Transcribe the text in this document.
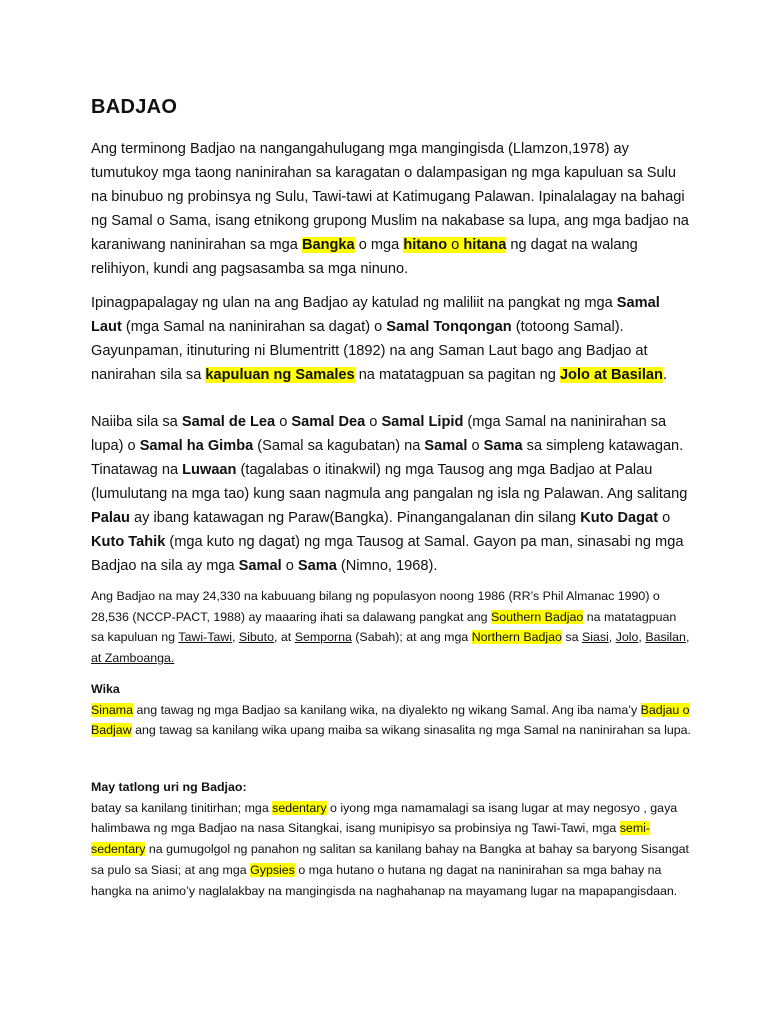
BADJAO

Ang terminong Badjao na nangangahulugang mga mangingisda (Llamzon,1978) ay tumutukoy mga taong naninirahan sa karagatan o dalampasigan ng mga kapuluan sa Sulu na binubuo ng probinsya ng Sulu, Tawi-tawi at Katimugang Palawan. Ipinalalagay na bahagi ng Samal o Sama, isang etnikong grupong Muslim na nakabase sa lupa, ang mga badjao na karaniwang naninirahan sa mga Bangka o mga hitano o hitana ng dagat na walang relihiyon, kundi ang pagsasamba sa mga ninuno.

Ipinagpapalagay ng ulan na ang Badjao ay katulad ng maliliit na pangkat ng mga Samal Laut (mga Samal na naninirahan sa dagat) o Samal Tonqongan (totoong Samal). Gayunpaman, itinuturing ni Blumentritt (1892) na ang Saman Laut bago ang Badjao at nanirahan sila sa kapuluan ng Samales na matatagpuan sa pagitan ng Jolo at Basilan.

Naiiba sila sa Samal de Lea o Samal Dea o Samal Lipid (mga Samal na naninirahan sa lupa) o Samal ha Gimba (Samal sa kagubatan) na Samal o Sama sa simpleng katawagan. Tinatawag na Luwaan (tagalabas o itinakwil) ng mga Tausog ang mga Badjao at Palau (lumulutang na mga tao) kung saan nagmula ang pangalan ng isla ng Palawan. Ang salitang Palau ay ibang katawagan ng Paraw(Bangka). Pinangangalanan din silang Kuto Dagat o Kuto Tahik (mga kuto ng dagat) ng mga Tausog at Samal. Gayon pa man, sinasabi ng mga Badjao na sila ay mga Samal o Sama (Nimno, 1968).

Ang Badjao na may 24,330 na kabuuang bilang ng populasyon noong 1986 (RR’s Phil Almanac 1990) o 28,536 (NCCP-PACT, 1988) ay maaaring ihati sa dalawang pangkat ang Southern Badjao na matatagpuan sa kapuluan ng Tawi-Tawi, Sibuto, at Semporna (Sabah); at ang mga Northern Badjao sa Siasi, Jolo, Basilan, at Zamboanga.

Wika
Sinama ang tawag ng mga Badjao sa kanilang wika, na diyalekto ng wikang Samal. Ang iba nama’y Badjau o Badjaw ang tawag sa kanilang wika upang maiba sa wikang sinasalita ng mga Samal na naninirahan sa lupa.
May tatlong uri ng Badjao:
batay sa kanilang tinitirhan; mga sedentary o iyong mga namamalagi sa isang lugar at may negosyo , gaya halimbawa ng mga Badjao na nasa Sitangkai, isang munipisyo sa probinsiya ng Tawi-Tawi, mga semi-sedentary na gumugolgol ng panahon ng salitan sa kanilang bahay na Bangka at bahay sa baryong Sisangat sa pulo sa Siasi; at ang mga Gypsies o mga hutano o hutana ng dagat na naninirahan sa mga bahay na hangka na animo’y naglalakbay na mangingisda na naghahanap na mayamang lugar na mapapangisdaan.
